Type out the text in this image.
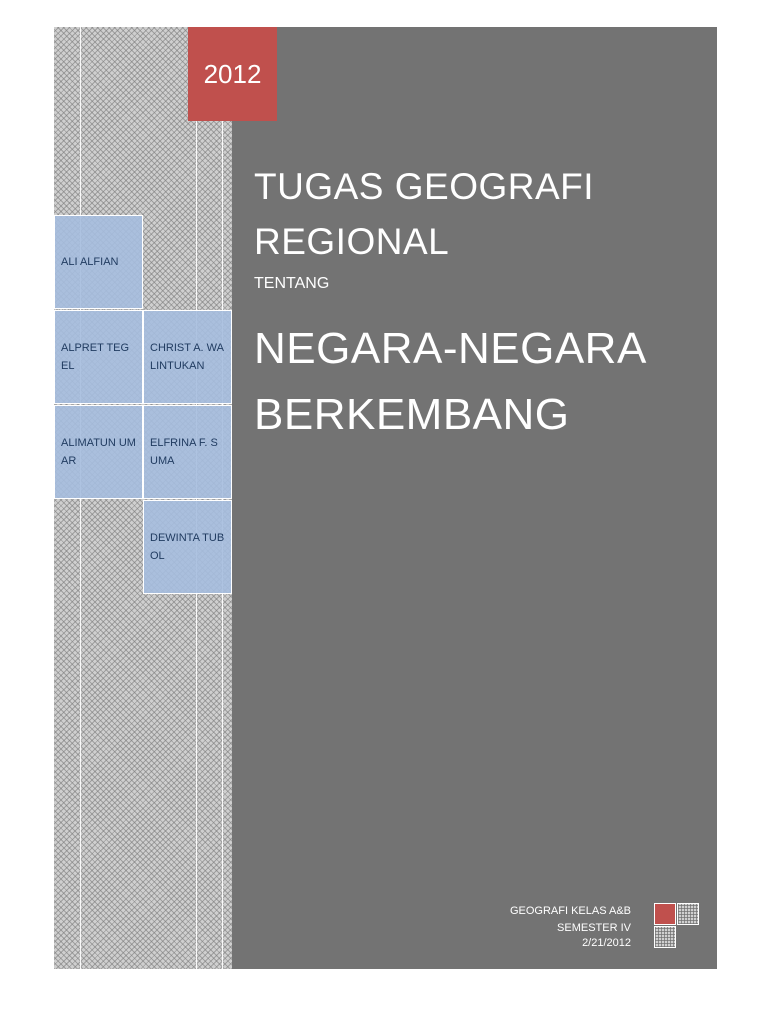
2012
ALI ALFIAN
ALPRET TEGEL
CHRIST A. WALINTUKAN
ALIMATUN UMAR
ELFRINA F. SUMA
DEWINTA TUBOL
TUGAS GEOGRAFI
REGIONAL
TENTANG
NEGARA-NEGARA
BERKEMBANG
GEOGRAFI KELAS A&B
SEMESTER IV
2/21/2012
